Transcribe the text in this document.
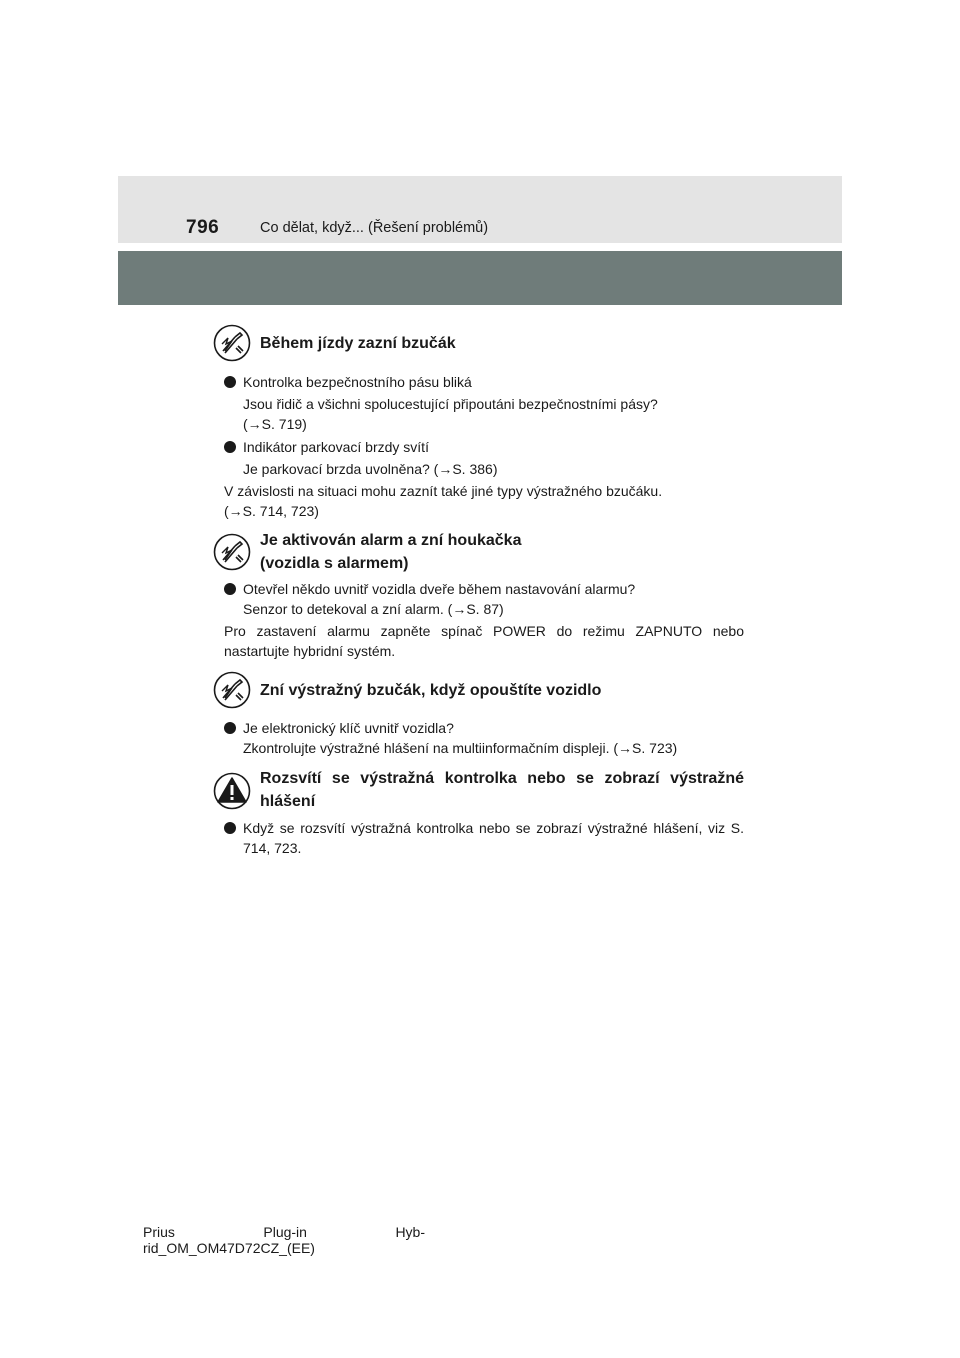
796	Co dělat, když... (Řešení problémů)
Během jízdy zazní bzučák
Kontrolka bezpečnostního pásu bliká
Jsou řidič a všichni spolucestující připoutáni bezpečnostními pásy?
(→S. 719)
Indikátor parkovací brzdy svítí
Je parkovací brzda uvolněna? (→S. 386)
V závislosti na situaci mohu zaznít také jiné typy výstražného bzučáku.
(→S. 714, 723)
Je aktivován alarm a zní houkačka
(vozidla s alarmem)
Otevřel někdo uvnitř vozidla dveře během nastavování alarmu?
Senzor to detekoval a zní alarm. (→S. 87)
Pro zastavení alarmu zapněte spínač POWER do režimu ZAPNUTO nebo nastartujte hybridní systém.
Zní výstražný bzučák, když opouštíte vozidlo
Je elektronický klíč uvnitř vozidla?
Zkontrolujte výstražné hlášení na multiinformačním displeji. (→S. 723)
Rozsvítí se výstražná kontrolka nebo se zobrazí výstražné hlášení
Když se rozsvítí výstražná kontrolka nebo se zobrazí výstražné hlášení, viz S. 714, 723.
Prius	Plug-in	Hyb-
rid_OM_OM47D72CZ_(EE)
